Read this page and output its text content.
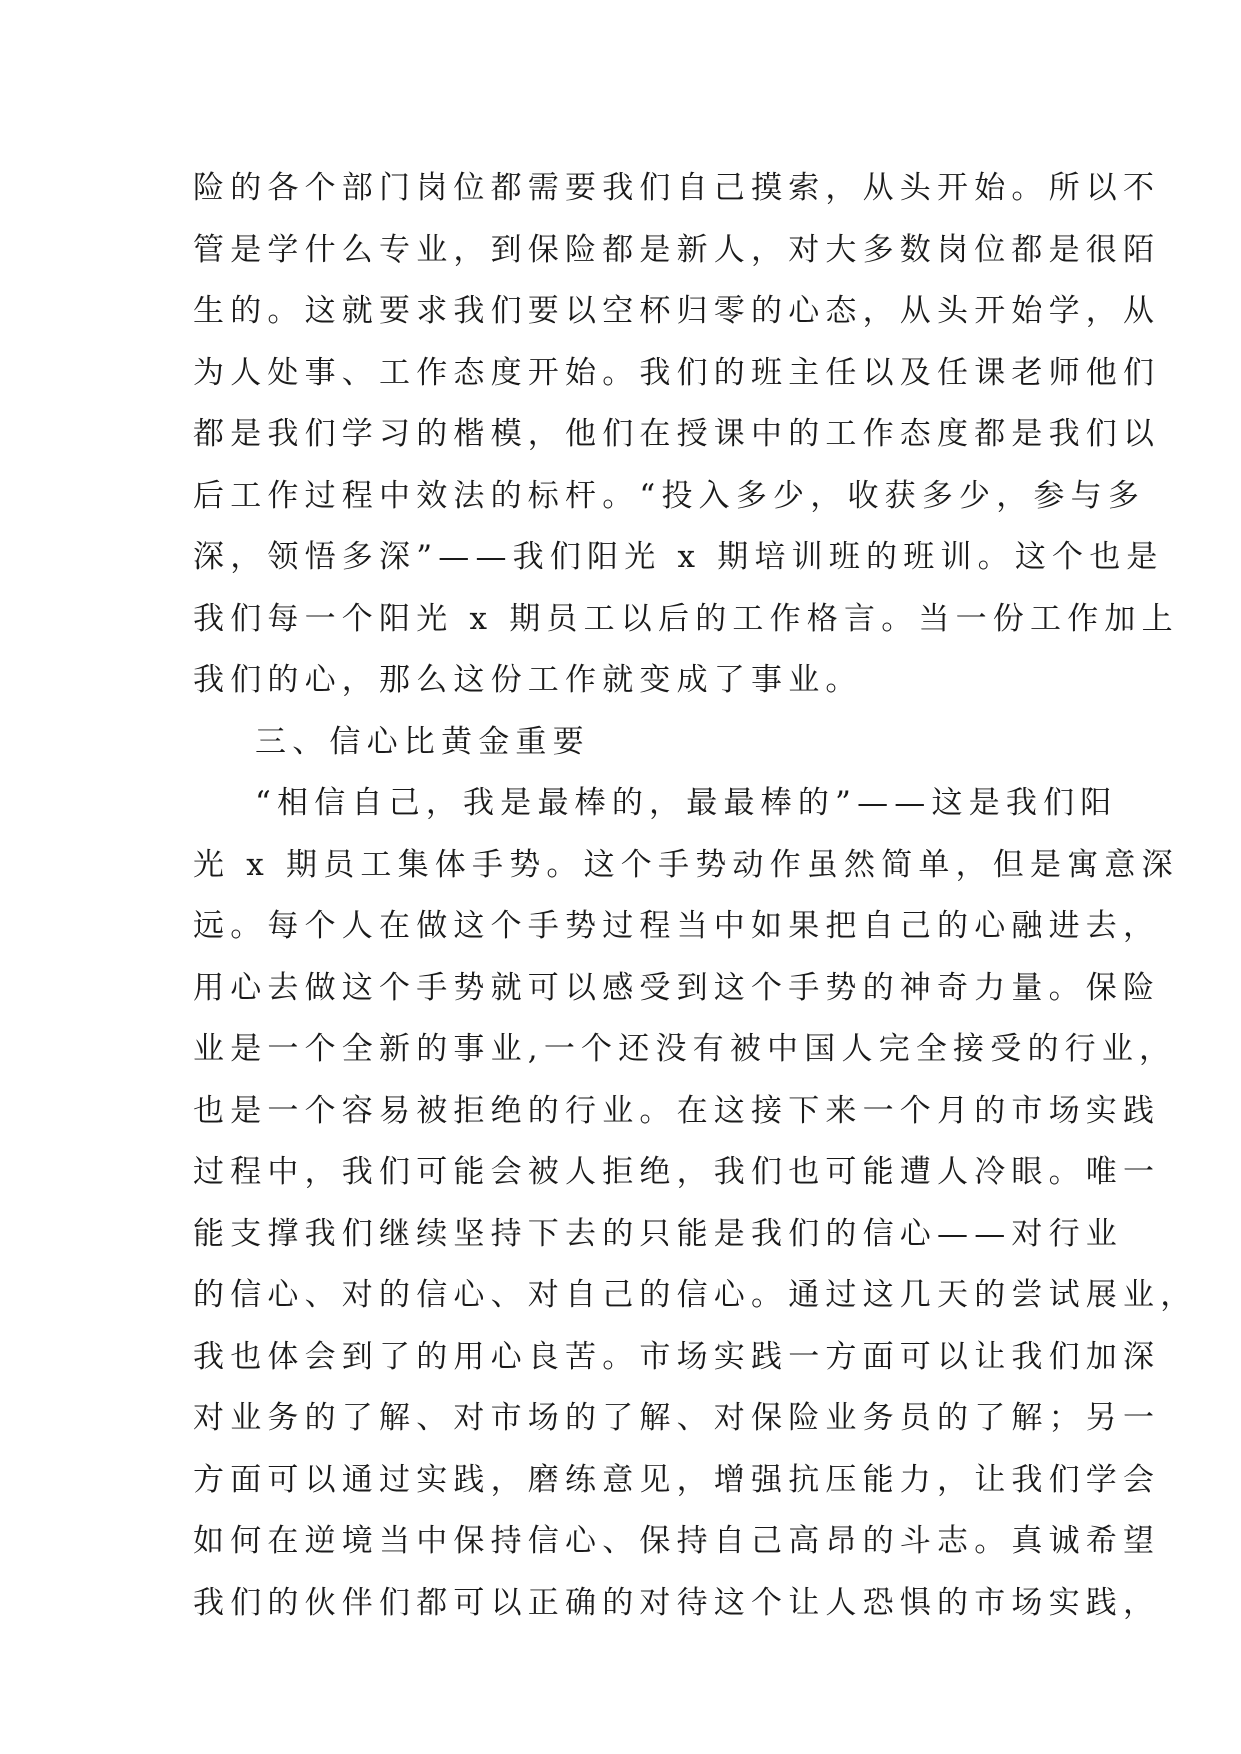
险的各个部门岗位都需要我们自己摸索，从头开始。所以不
管是学什么专业，到保险都是新人，对大多数岗位都是很陌
生的。这就要求我们要以空杯归零的心态，从头开始学，从
为人处事、工作态度开始。我们的班主任以及任课老师他们
都是我们学习的楷模，他们在授课中的工作态度都是我们以
后工作过程中效法的标杆。“投入多少，收获多少，参与多
深，领悟多深”——我们阳光 x 期培训班的班训。这个也是
我们每一个阳光 x 期员工以后的工作格言。当一份工作加上
我们的心，那么这份工作就变成了事业。
三、信心比黄金重要
“相信自己，我是最棒的，最最棒的”——这是我们阳
光 x 期员工集体手势。这个手势动作虽然简单，但是寓意深
远。每个人在做这个手势过程当中如果把自己的心融进去，
用心去做这个手势就可以感受到这个手势的神奇力量。保险
业是一个全新的事业,一个还没有被中国人完全接受的行业，
也是一个容易被拒绝的行业。在这接下来一个月的市场实践
过程中，我们可能会被人拒绝，我们也可能遭人冷眼。唯一
能支撑我们继续坚持下去的只能是我们的信心——对行业
的信心、对的信心、对自己的信心。通过这几天的尝试展业，
我也体会到了的用心良苦。市场实践一方面可以让我们加深
对业务的了解、对市场的了解、对保险业务员的了解；另一
方面可以通过实践，磨练意见，增强抗压能力，让我们学会
如何在逆境当中保持信心、保持自己高昂的斗志。真诚希望
我们的伙伴们都可以正确的对待这个让人恐惧的市场实践，
